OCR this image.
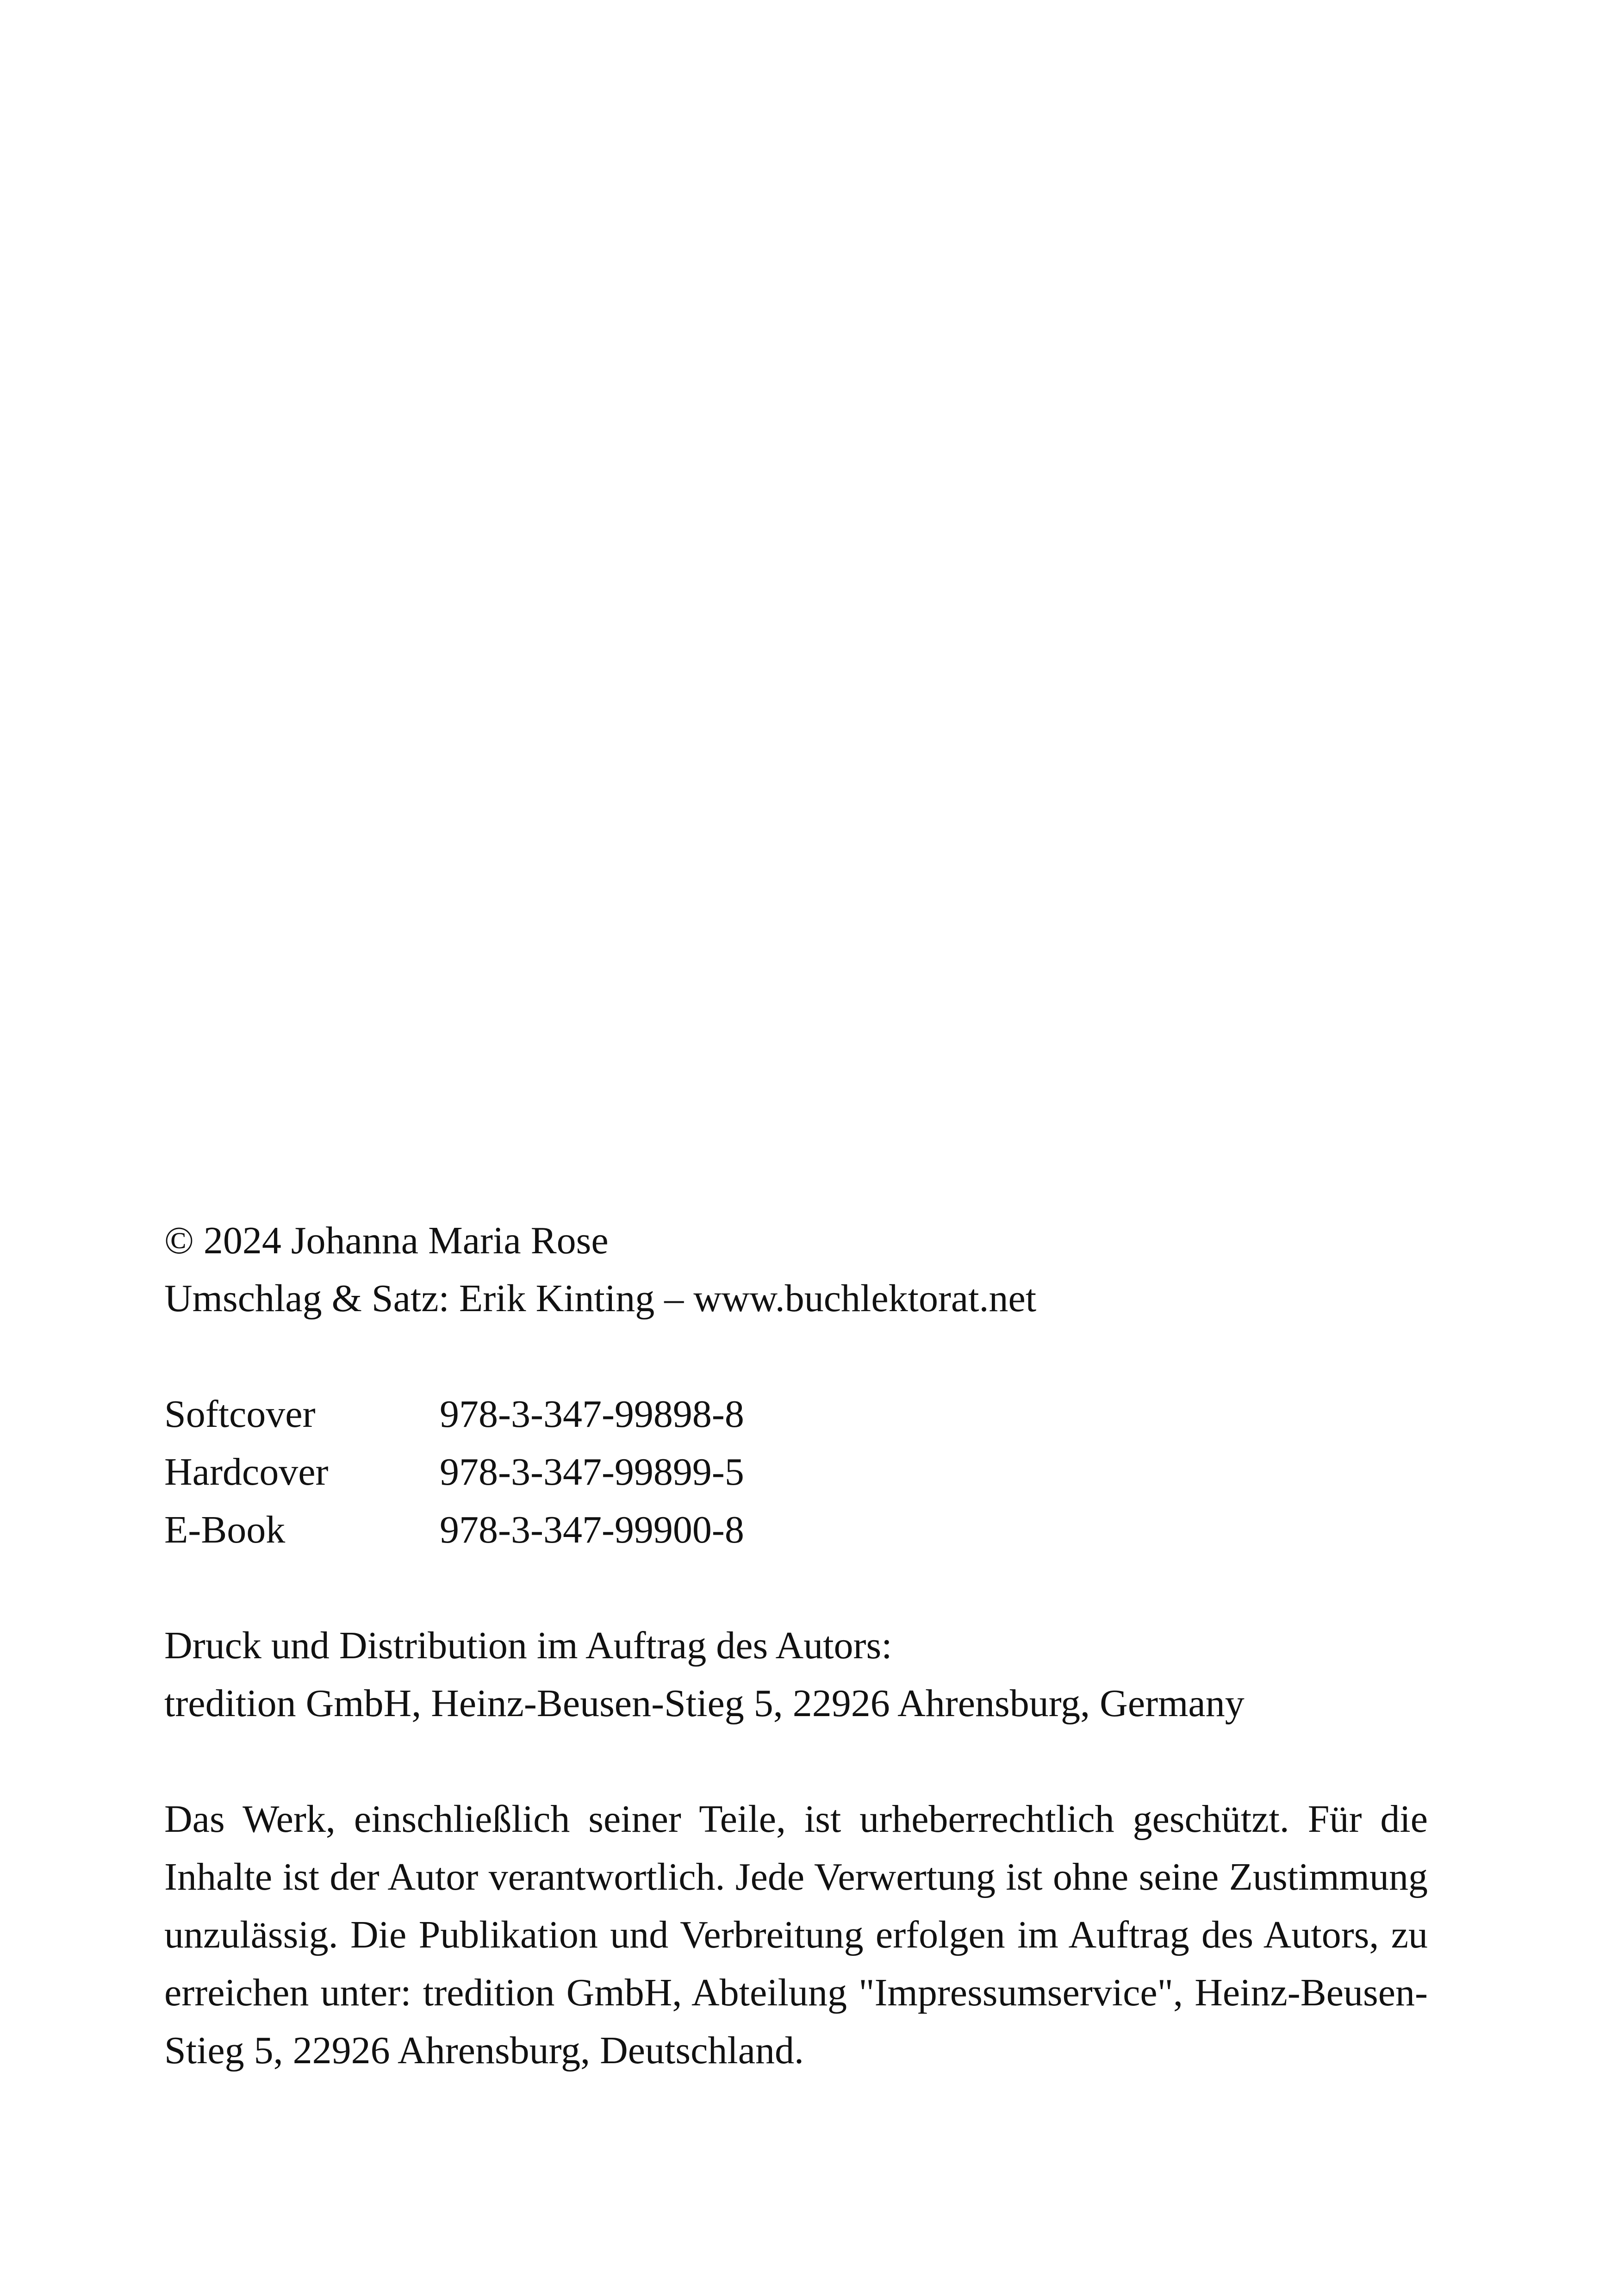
© 2024 Johanna Maria Rose
Umschlag & Satz: Erik Kinting – www.buchlektorat.net
Softcover	978-3-347-99898-8
Hardcover	978-3-347-99899-5
E-Book	978-3-347-99900-8
Druck und Distribution im Auftrag des Autors:
tredition GmbH, Heinz-Beusen-Stieg 5, 22926 Ahrensburg, Germany
Das Werk, einschließlich seiner Teile, ist urheberrechtlich geschützt. Für die Inhalte ist der Autor verantwortlich. Jede Verwertung ist ohne seine Zustimmung unzulässig. Die Publikation und Verbreitung erfolgen im Auftrag des Autors, zu erreichen unter: tredition GmbH, Abteilung "Impressumservice", Heinz-Beusen-Stieg 5, 22926 Ahrensburg, Deutschland.
